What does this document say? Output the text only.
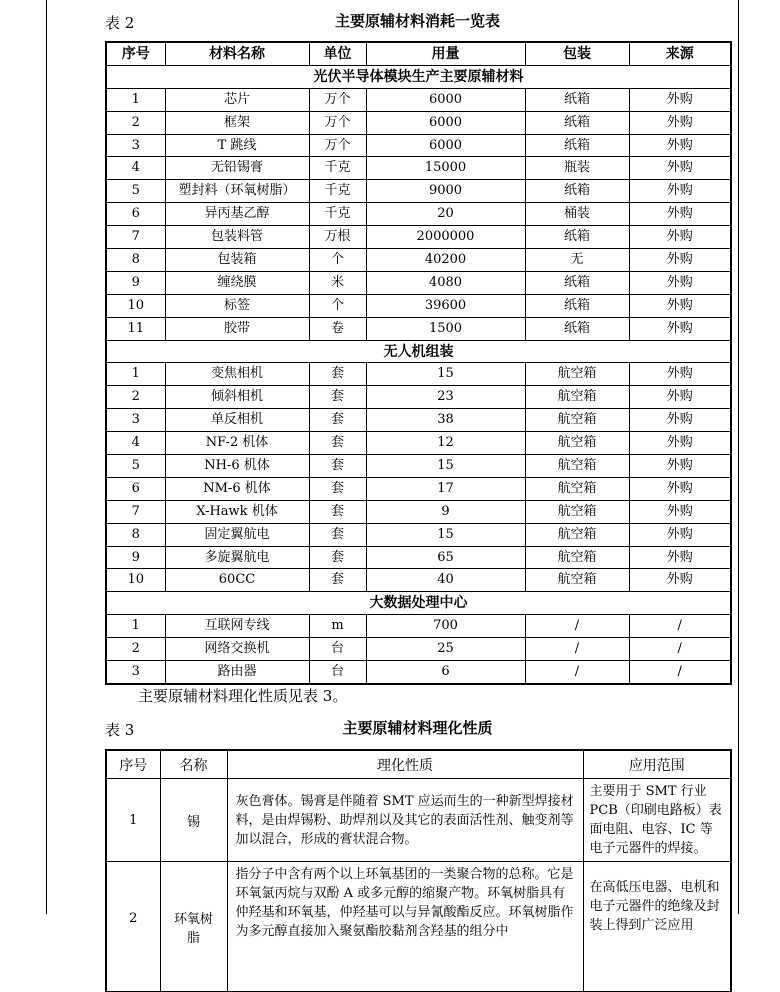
表 2	主要原辅材料消耗一览表
序号	材料名称	单位	用量	包装	来源
光伏半导体模块生产主要原辅材料					
1	芯片	万个	6000	纸箱	外购
2	框架	万个	6000	纸箱	外购
3	T 跳线	万个	6000	纸箱	外购
4	无铅锡膏	千克	15000	瓶装	外购
5	塑封料（环氧树脂）	千克	9000	纸箱	外购
6	异丙基乙醇	千克	20	桶装	外购
7	包装料管	万根	2000000	纸箱	外购
8	包装箱	个	40200	无	外购
9	缠绕膜	米	4080	纸箱	外购
10	标签	个	39600	纸箱	外购
11	胶带	卷	1500	纸箱	外购
无人机组装					
1	变焦相机	套	15	航空箱	外购
2	倾斜相机	套	23	航空箱	外购
3	单反相机	套	38	航空箱	外购
4	NF-2 机体	套	12	航空箱	外购
5	NH-6 机体	套	15	航空箱	外购
6	NM-6 机体	套	17	航空箱	外购
7	X-Hawk 机体	套	9	航空箱	外购
8	固定翼航电	套	15	航空箱	外购
9	多旋翼航电	套	65	航空箱	外购
10	60CC	套	40	航空箱	外购
大数据处理中心					
1	互联网专线	m	700	/	/
2	网络交换机	台	25	/	/
3	路由器	台	6	/	/
主要原辅材料理化性质见表 3。
表 3	主要原辅材料理化性质
序号	名称	理化性质	应用范围
1	锡	灰色膏体。锡膏是伴随着 SMT 应运而生的一种新型焊接材料，是由焊锡粉、助焊剂以及其它的表面活性剂、触变剂等加以混合，形成的膏状混合物。	主要用于 SMT 行业 PCB（印刷电路板）表面电阻、电容、IC 等电子元器件的焊接。
2	环氧树脂	指分子中含有两个以上环氧基团的一类聚合物的总称。它是环氧氯丙烷与双酚 A 或多元醇的缩聚产物。环氧树脂具有仲羟基和环氧基，仲羟基可以与异氰酸酯反应。环氧树脂作为多元醇直接加入聚氨酯胶黏剂含羟基的组分中	在高低压电器、电机和电子元器件的绝缘及封装上得到广泛应用
